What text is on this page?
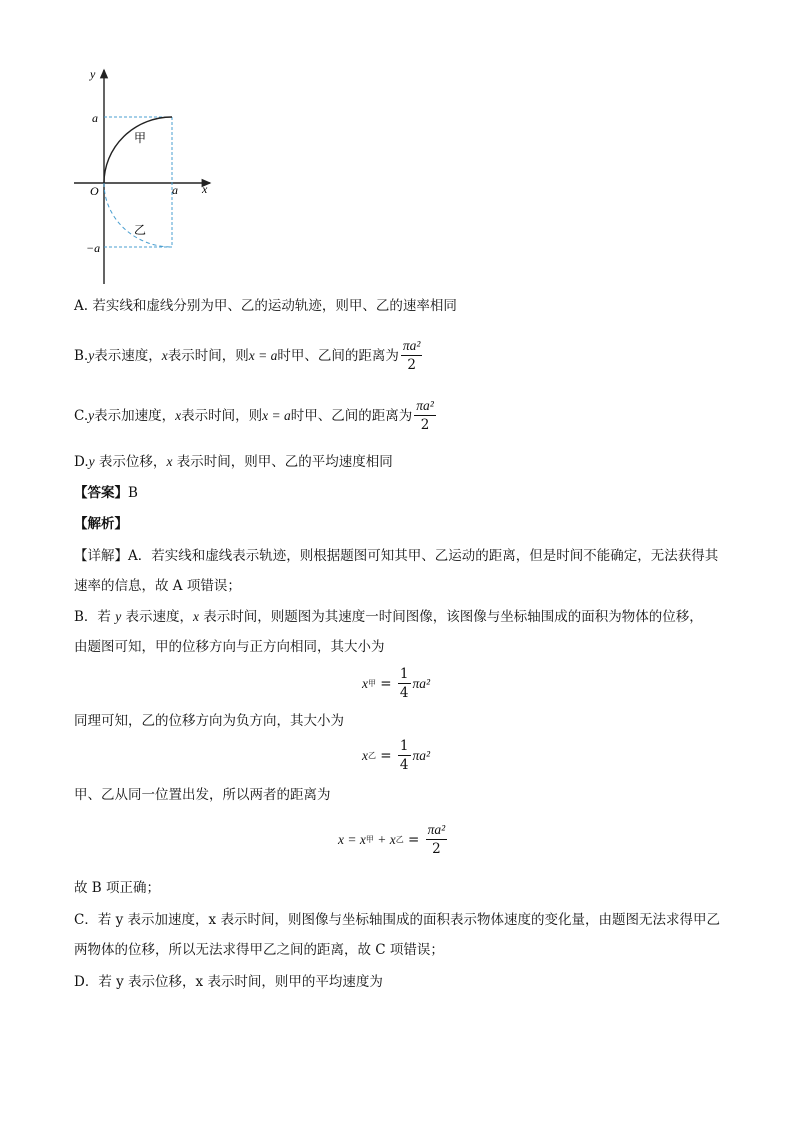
y
x
O
a
a
−a
甲
乙
A. 若实线和虚线分别为甲、乙的运动轨迹，则甲、乙的速率相同
B. y 表示速度， x 表示时间，则 x = a 时甲、乙间的距离为 $\frac{\text{πa²}}{2}$
C. y 表示加速度， x 表示时间，则 x = a 时甲、乙间的距离为 $\frac{\text{πa²}}{2}$
D.y 表示位移，x 表示时间，则甲、乙的平均速度相同
【答案】B
【解析】
【详解】A．若实线和虚线表示轨迹，则根据题图可知其甲、乙运动的距离，但是时间不能确定，无法获得其速率的信息，故 A 项错误；
B．若 y 表示速度，x 表示时间，则题图为其速度一时间图像，该图像与坐标轴围成的面积为物体的位移，
由题图可知，甲的位移方向与正方向相同，其大小为
x 甲 = $\frac{1}{4} \pi a^2$
同理可知，乙的位移方向为负方向，其大小为
x 乙 = $\frac{1}{4} \pi a^2$
甲、乙从同一位置出发，所以两者的距离为
x = x 甲 + x 乙 = $\frac{\text{πa²}}{2}$
故 B 项正确；
C．若 y 表示加速度，x 表示时间，则图像与坐标轴围成的面积表示物体速度的变化量，由题图无法求得甲乙两物体的位移，所以无法求得甲乙之间的距离，故 C 项错误；
D．若 y 表示位移，x 表示时间，则甲的平均速度为
